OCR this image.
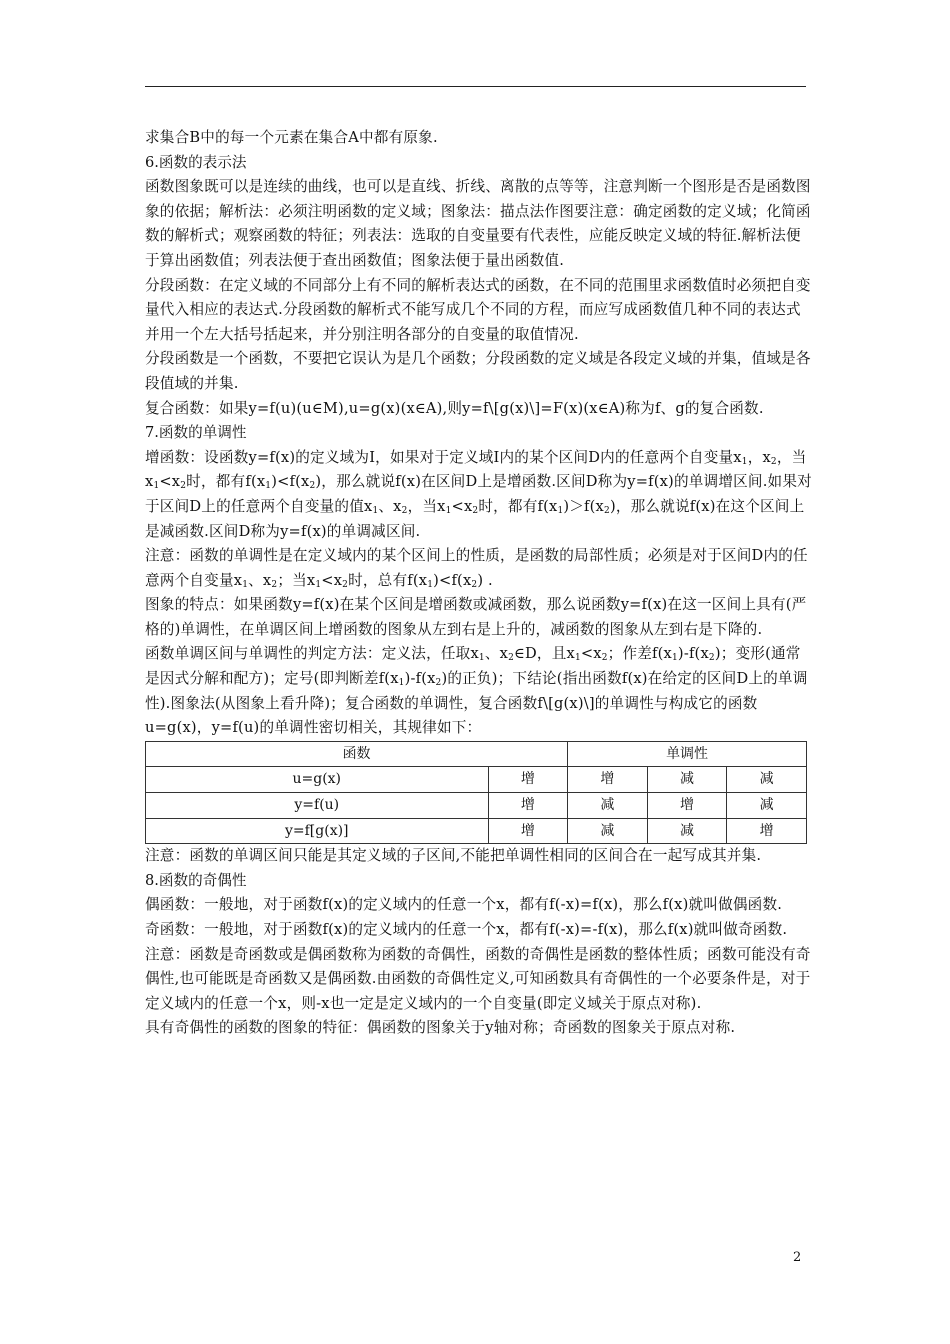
求集合B中的每一个元素在集合A中都有原象.

6.函数的表示法

函数图象既可以是连续的曲线，也可以是直线、折线、离散的点等等，注意判断一个图形是否是函数图象的依据；解析法：必须注明函数的定义域；图象法：描点法作图要注意：确定函数的定义域；化简函数的解析式；观察函数的特征；列表法：选取的自变量要有代表性，应能反映定义域的特征.解析法便于算出函数值；列表法便于查出函数值；图象法便于量出函数值.

分段函数：在定义域的不同部分上有不同的解析表达式的函数，在不同的范围里求函数值时必须把自变量代入相应的表达式.分段函数的解析式不能写成几个不同的方程，而应写成函数值几种不同的表达式并用一个左大括号括起来，并分别注明各部分的自变量的取值情况.

分段函数是一个函数，不要把它误认为是几个函数；分段函数的定义域是各段定义域的并集，值域是各段值域的并集.

复合函数：如果y=f(u)(u∈M),u=g(x)(x∈A),则y=f\[g(x)\]=F(x)(x∈A)称为f、g的复合函数.

7.函数的单调性

增函数：设函数y=f(x)的定义域为I，如果对于定义域I内的某个区间D内的任意两个自变量$x_1$，$x_2$，当$x_1<x_2$时，都有$f(x_1)<f(x_2)$，那么就说f(x)在区间D上是增函数.区间D称为y=f(x)的单调增区间.如果对于区间D上的任意两个自变量的值$x_1$、$x_2$，当$x_1<x_2$时，都有$f(x_1)>f(x_2)$，那么就说f(x)在这个区间上是减函数.区间D称为y=f(x)的单调减区间.

注意：函数的单调性是在定义域内的某个区间上的性质，是函数的局部性质；必须是对于区间D内的任意两个自变量$x_1$、$x_2$；当$x_1<x_2$时，总有$f(x_1)<f(x_2)$ .

图象的特点：如果函数y=f(x)在某个区间是增函数或减函数，那么说函数y=f(x)在这一区间上具有(严格的)单调性，在单调区间上增函数的图象从左到右是上升的，减函数的图象从左到右是下降的.

函数单调区间与单调性的判定方法：定义法，任取$x_1$、$x_2\in D$，且$x_1<x_2$；作差$f(x_1)-f(x_2)$；变形(通常是因式分解和配方)；定号(即判断差$f(x_1)-f(x_2)$的正负)；下结论(指出函数f(x)在给定的区间D上的单调性).图象法(从图象上看升降)；复合函数的单调性，复合函数f\[g(x)\]的单调性与构成它的函数u=g(x)，y=f(u)的单调性密切相关，其规律如下：

函数		单调性		
u=g(x)	增	增	减	减
y=f(u)	增	减	增	减
y=f[g(x)]	增	减	减	增

注意：函数的单调区间只能是其定义域的子区间,不能把单调性相同的区间合在一起写成其并集.

8.函数的奇偶性

偶函数：一般地，对于函数f(x)的定义域内的任意一个x，都有f(-x)=f(x)，那么f(x)就叫做偶函数.

奇函数：一般地，对于函数f(x)的定义域内的任意一个x，都有f(-x)=-f(x)，那么f(x)就叫做奇函数.

注意：函数是奇函数或是偶函数称为函数的奇偶性，函数的奇偶性是函数的整体性质；函数可能没有奇偶性,也可能既是奇函数又是偶函数.由函数的奇偶性定义,可知函数具有奇偶性的一个必要条件是，对于定义域内的任意一个x，则-x也一定是定义域内的一个自变量(即定义域关于原点对称).

具有奇偶性的函数的图象的特征：偶函数的图象关于y轴对称；奇函数的图象关于原点对称.

2
